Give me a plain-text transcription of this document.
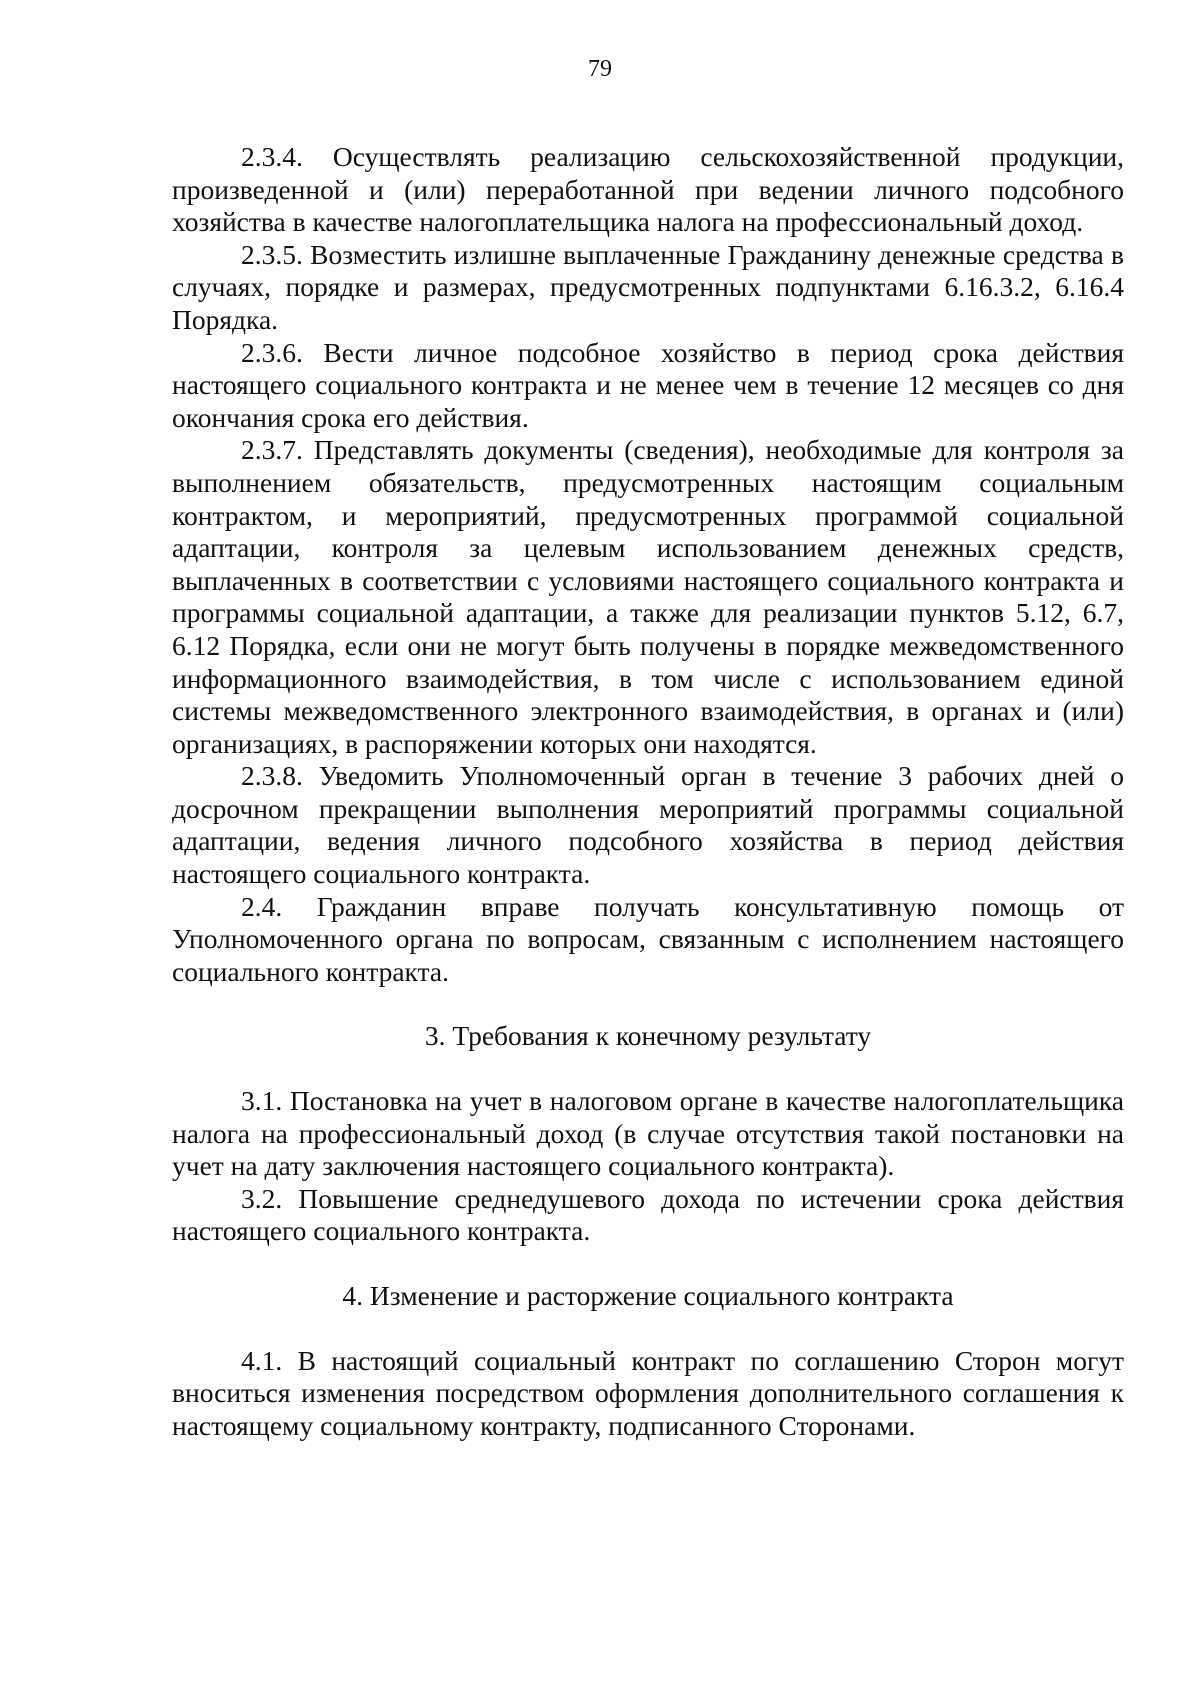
79

2.3.4. Осуществлять реализацию сельскохозяйственной продукции, произведенной и (или) переработанной при ведении личного подсобного хозяйства в качестве налогоплательщика налога на профессиональный доход.

2.3.5. Возместить излишне выплаченные Гражданину денежные средства в случаях, порядке и размерах, предусмотренных подпунктами 6.16.3.2, 6.16.4 Порядка.

2.3.6. Вести личное подсобное хозяйство в период срока действия настоящего социального контракта и не менее чем в течение 12 месяцев со дня окончания срока его действия.

2.3.7. Представлять документы (сведения), необходимые для контроля за выполнением обязательств, предусмотренных настоящим социальным контрактом, и мероприятий, предусмотренных программой социальной адаптации, контроля за целевым использованием денежных средств, выплаченных в соответствии с условиями настоящего социального контракта и программы социальной адаптации, а также для реализации пунктов 5.12, 6.7, 6.12 Порядка, если они не могут быть получены в порядке межведомственного информационного взаимодействия, в том числе с использованием единой системы межведомственного электронного взаимодействия, в органах и (или) организациях, в распоряжении которых они находятся.

2.3.8. Уведомить Уполномоченный орган в течение 3 рабочих дней о досрочном прекращении выполнения мероприятий программы социальной адаптации, ведения личного подсобного хозяйства в период действия настоящего социального контракта.

2.4. Гражданин вправе получать консультативную помощь от Уполномоченного органа по вопросам, связанным с исполнением настоящего социального контракта.

3. Требования к конечному результату

3.1. Постановка на учет в налоговом органе в качестве налогоплательщика налога на профессиональный доход (в случае отсутствия такой постановки на учет на дату заключения настоящего социального контракта).

3.2. Повышение среднедушевого дохода по истечении срока действия настоящего социального контракта.

4. Изменение и расторжение социального контракта

4.1. В настоящий социальный контракт по соглашению Сторон могут вноситься изменения посредством оформления дополнительного соглашения к настоящему социальному контракту, подписанного Сторонами.
